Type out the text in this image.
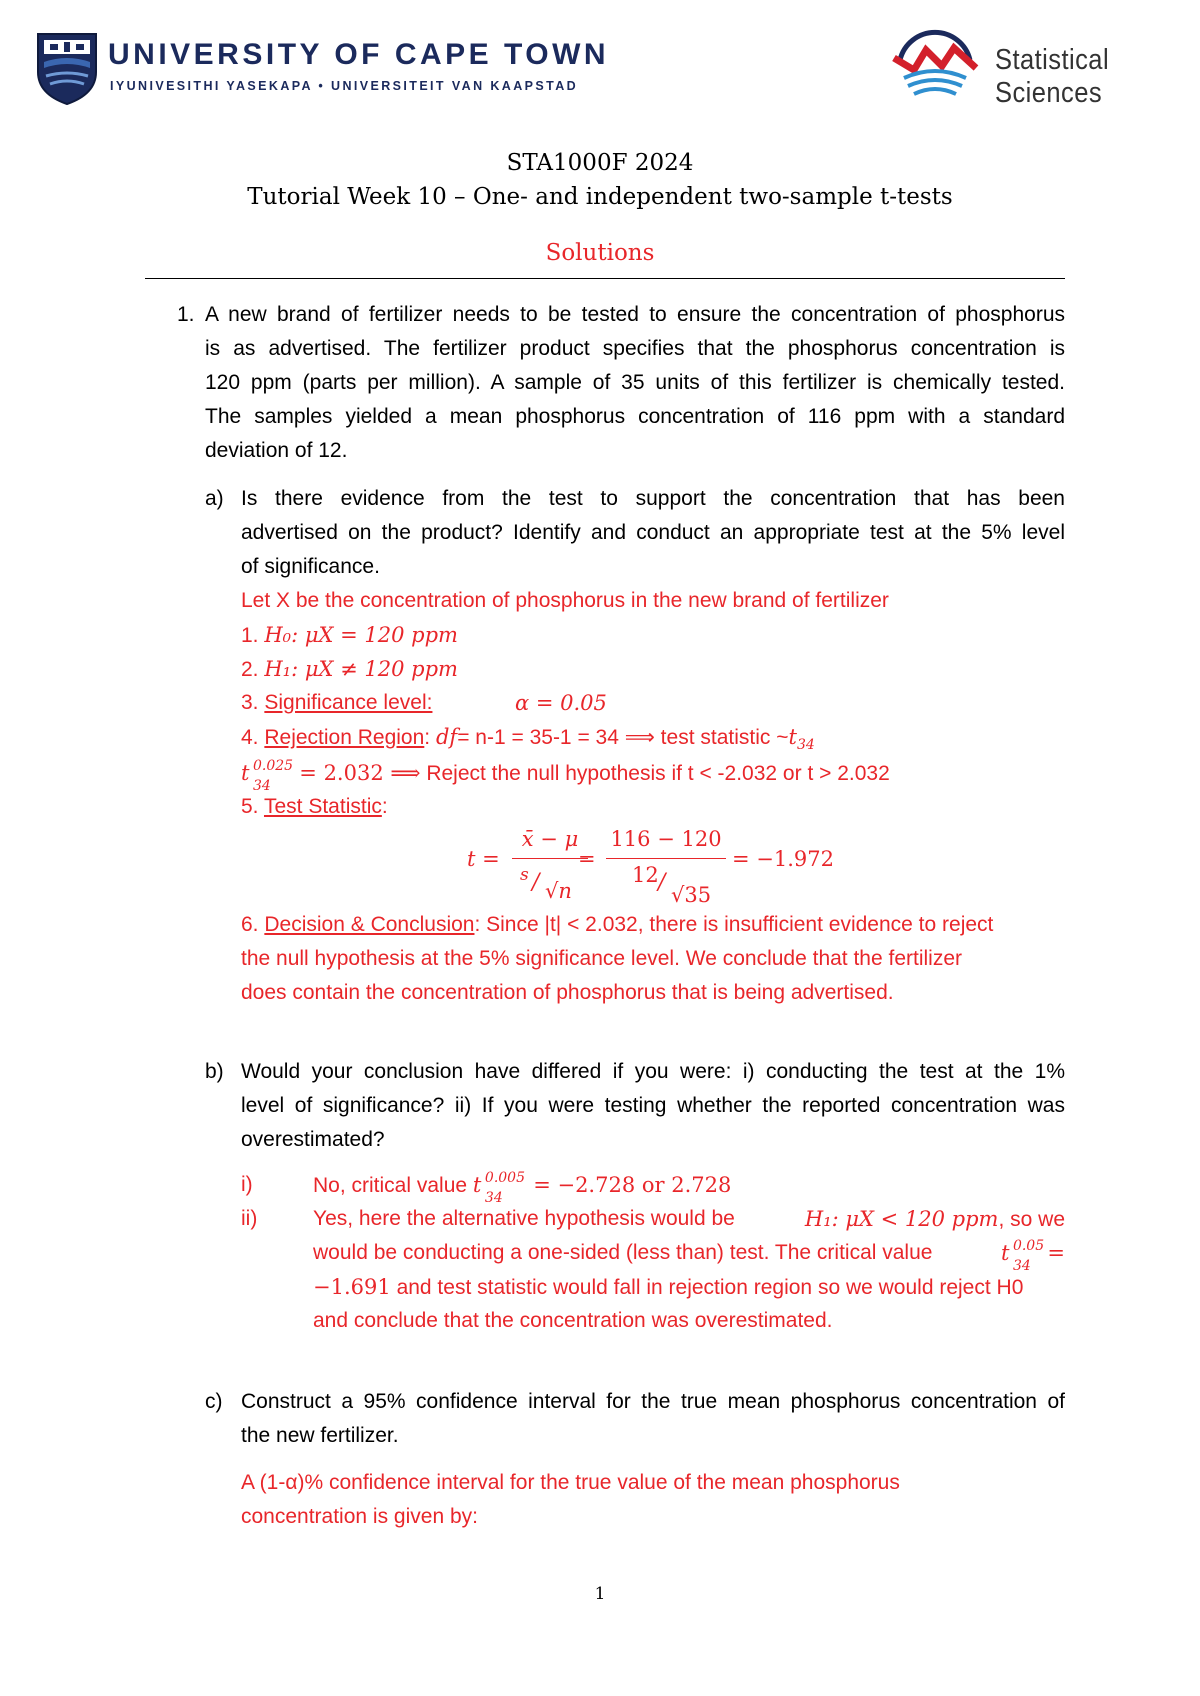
UNIVERSITY OF CAPE TOWN
IYUNIVESITHI YASEKAPA • UNIVERSITEIT VAN KAAPSTAD
Statistical Sciences
STA1000F 2024
Tutorial Week 10 – One- and independent two-sample t-tests
Solutions
1. A new brand of fertilizer needs to be tested to ensure the concentration of phosphorus
is as advertised. The fertilizer product specifies that the phosphorus concentration is
120 ppm (parts per million). A sample of 35 units of this fertilizer is chemically tested.
The samples yielded a mean phosphorus concentration of 116 ppm with a standard
deviation of 12.
a) Is there evidence from the test to support the concentration that has been
advertised on the product? Identify and conduct an appropriate test at the 5% level
of significance.
Let X be the concentration of phosphorus in the new brand of fertilizer
1. H₀: μX = 120 ppm
2. H₁: μX ≠ 120 ppm
3. Significance level:	α = 0.05
4. Rejection Region: df= n-1 = 35-1 = 34 ⟹ test statistic $\sim t_{34}$
t 0.025
34
= 2.032 ⟹ Reject the null hypothesis if t < -2.032 or t > 2.032
5. Test Statistic:
t =
x̄ − μ
s / √n
=
116 − 120
12 / √35
= −1.972
6. Decision & Conclusion: Since |t| < 2.032, there is insufficient evidence to reject
the null hypothesis at the 5% significance level. We conclude that the fertilizer
does contain the concentration of phosphorus that is being advertised.
b) Would your conclusion have differed if you were: i) conducting the test at the 1%
level of significance? ii) If you were testing whether the reported concentration was
overestimated?
i)	No, critical value t 0.005
34
= −2.728 or 2.728
ii)	Yes, here the alternative hypothesis would be	H₁: μX < 120 ppm, so we
would be conducting a one-sided (less than) test. The critical value	t 0.05
34
=
−1.691 and test statistic would fall in rejection region so we would reject H0
and conclude that the concentration was overestimated.
c) Construct a 95% confidence interval for the true mean phosphorus concentration of
the new fertilizer.
A (1-α)% confidence interval for the true value of the mean phosphorus
concentration is given by:
1
